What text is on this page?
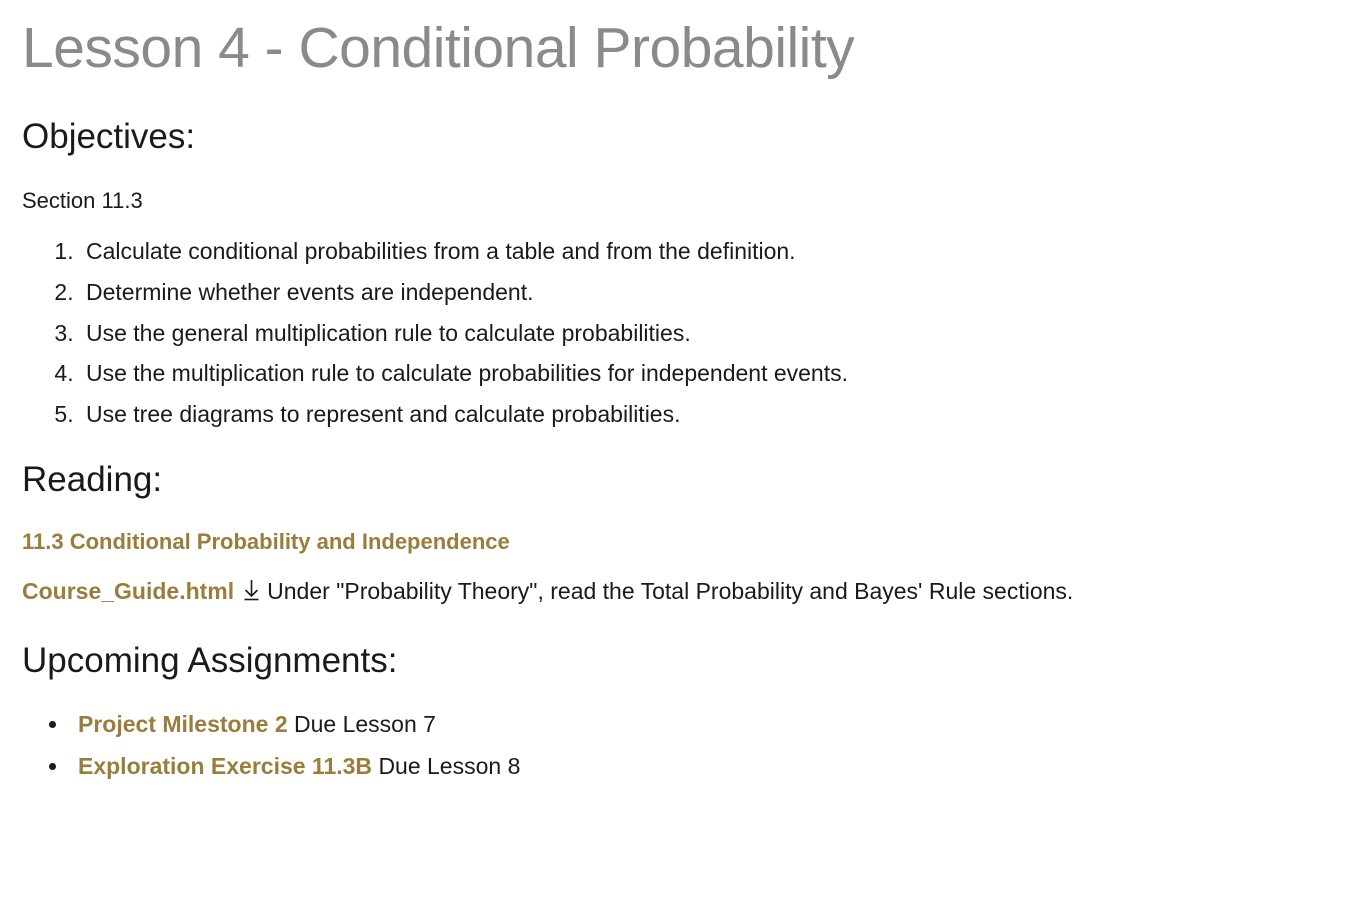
Lesson 4 - Conditional Probability
Objectives:

Section 11.3

1. Calculate conditional probabilities from a table and from the definition.
2. Determine whether events are independent.
3. Use the general multiplication rule to calculate probabilities.
4. Use the multiplication rule to calculate probabilities for independent events.
5. Use tree diagrams to represent and calculate probabilities.
Reading:
11.3 Conditional Probability and Independence

Course_Guide.html Under "Probability Theory", read the Total Probability and Bayes' Rule sections.

Upcoming Assignments:
• Project Milestone 2 Due Lesson 7
• Exploration Exercise 11.3B Due Lesson 8
